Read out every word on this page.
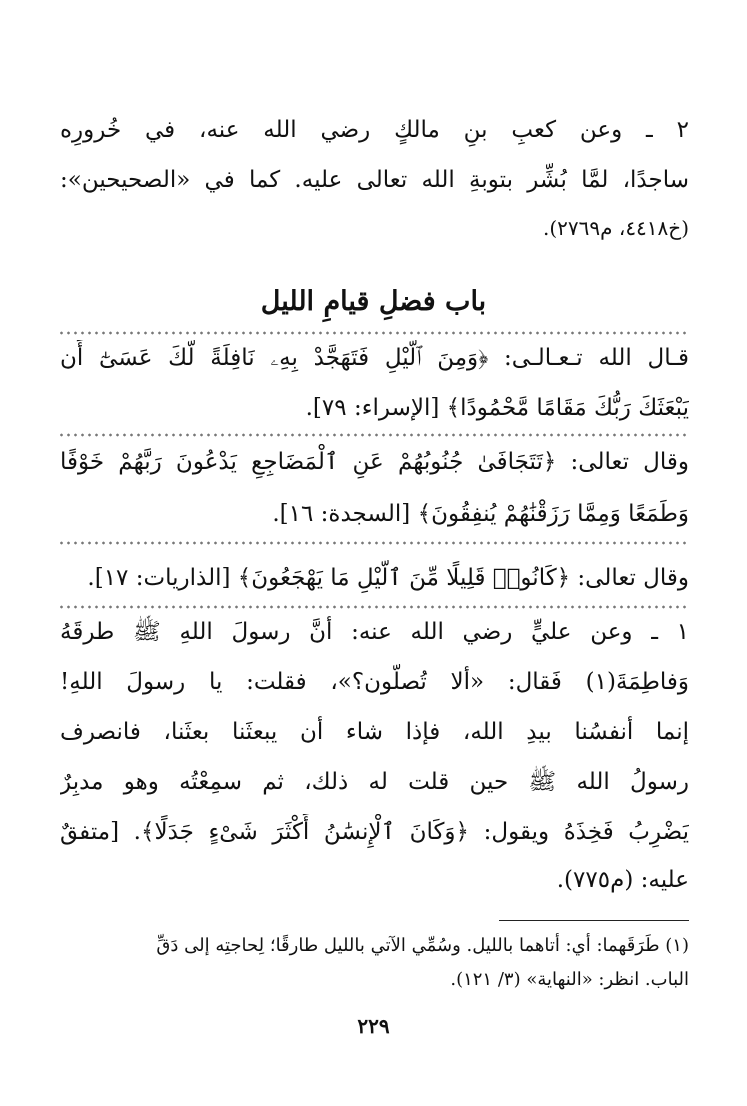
٢ ـ وعن كعبِ بنِ مالكٍ رضي الله عنه، في خُرورِه
ساجدًا، لمَّا بُشِّر بتوبةِ الله تعالى عليه. كما في «الصحيحين»:
(خ٤٤١٨، م٢٧٦٩).
باب فضلِ قيامِ الليل
قـال الله تـعـالـى: ﴿وَمِنَ ٱلَّيْلِ فَتَهَجَّدْ بِهِۦ نَافِلَةً لَّكَ عَسَىٰٓ أَن
يَبْعَثَكَ رَبُّكَ مَقَامًا مَّحْمُودًا﴾ [الإسراء: ٧٩].
وقال تعالى: ﴿تَتَجَافَىٰ جُنُوبُهُمْ عَنِ ٱلْمَضَاجِعِ يَدْعُونَ رَبَّهُمْ خَوْفًا
وَطَمَعًا وَمِمَّا رَزَقْنَٰهُمْ يُنفِقُونَ﴾ [السجدة: ١٦].
وقال تعالى: ﴿كَانُوا۟ قَلِيلًا مِّنَ ٱلَّيْلِ مَا يَهْجَعُونَ﴾ [الذاريات: ١٧].
١ ـ وعن عليٍّ رضي الله عنه: أنَّ رسولَ اللهِ ﷺ طرقَهُ
وَفاطِمَةَ(١) فَقال: «ألا تُصلُّون؟»، فقلت: يا رسولَ اللهِ!
إنما أنفسُنا بيدِ الله، فإذا شاء أن يبعثَنا بعثَنا، فانصرف
رسولُ الله ﷺ حين قلت له ذلك، ثم سمِعْتُه وهو مدبِرٌ
يَضْرِبُ فَخِذَهُ ويقول: ﴿وَكَانَ ٱلْإِنسَٰنُ أَكْثَرَ شَىْءٍ جَدَلًا﴾. [متفقٌ
عليه: (م٧٧٥).
(١) طَرَقَهما: أي: أتاهما بالليل. وسُمِّي الآتي بالليل طارقًا؛ لِحاجتِه إلى دَقِّ
الباب. انظر: «النهاية» (٣/ ١٢١).
٢٢٩
